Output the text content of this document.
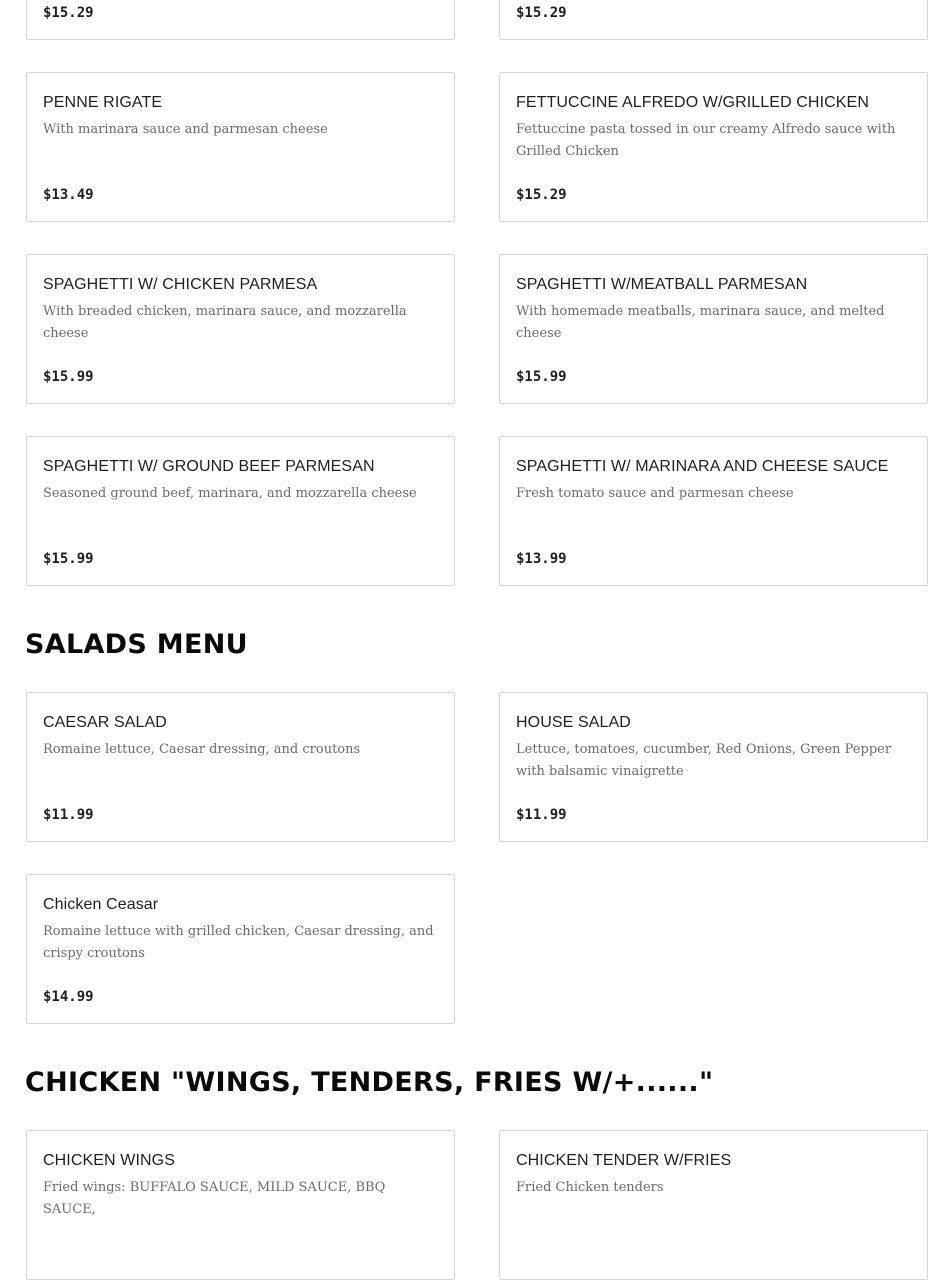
$15.29	$15.29
PENNE RIGATE
With marinara sauce and parmesan cheese
$13.49
FETTUCCINE ALFREDO W/GRILLED CHICKEN
Fettuccine pasta tossed in our creamy Alfredo sauce with Grilled Chicken
$15.29
SPAGHETTI W/ CHICKEN PARMESA
With breaded chicken, marinara sauce, and mozzarella cheese
$15.99
SPAGHETTI W/MEATBALL PARMESAN
With homemade meatballs, marinara sauce, and melted cheese
$15.99
SPAGHETTI W/ GROUND BEEF PARMESAN
Seasoned ground beef, marinara, and mozzarella cheese
$15.99
SPAGHETTI W/ MARINARA AND CHEESE SAUCE
Fresh tomato sauce and parmesan cheese
$13.99
SALADS MENU
CAESAR SALAD
Romaine lettuce, Caesar dressing, and croutons
$11.99
HOUSE SALAD
Lettuce, tomatoes, cucumber, Red Onions, Green Pepper with balsamic vinaigrette
$11.99
Chicken Ceasar
Romaine lettuce with grilled chicken, Caesar dressing, and crispy croutons
$14.99
CHICKEN "WINGS, TENDERS, FRIES W/+......"
CHICKEN WINGS
Fried wings: BUFFALO SAUCE, MILD SAUCE, BBQ SAUCE,
CHICKEN TENDER W/FRIES
Fried Chicken tenders
